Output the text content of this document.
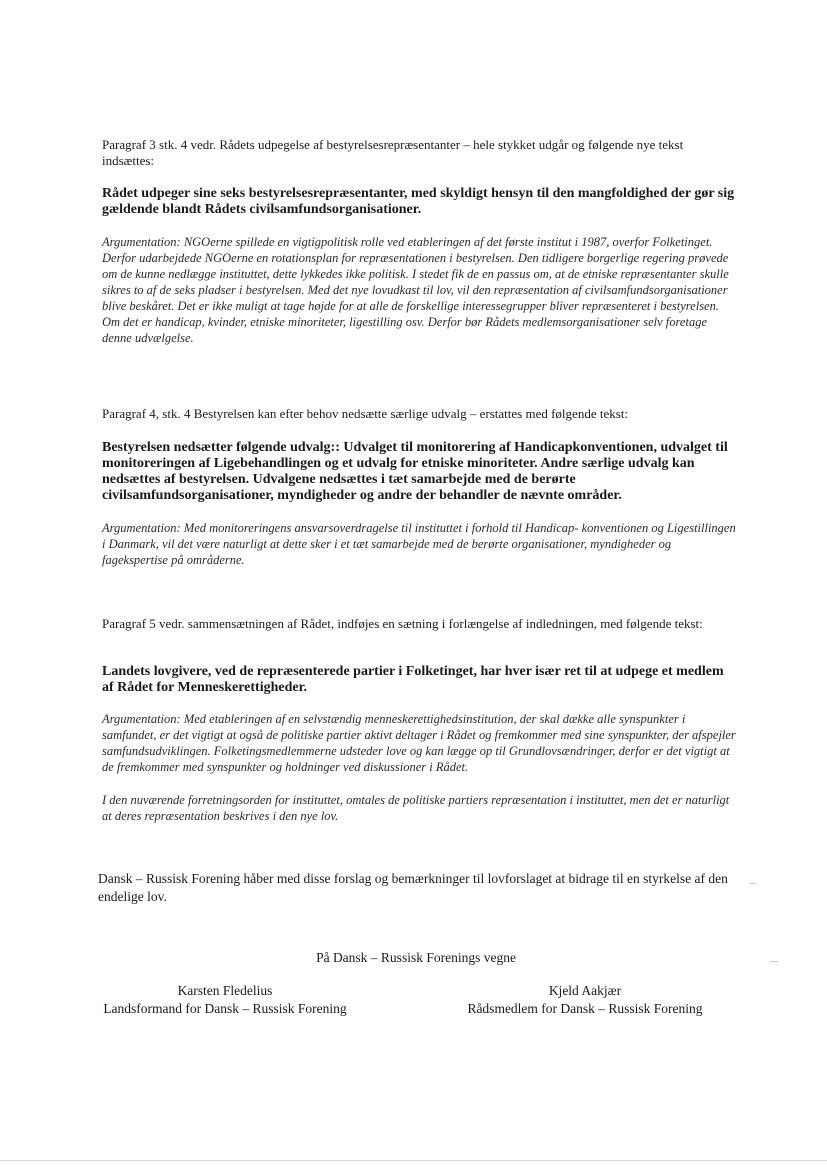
Paragraf 3 stk. 4 vedr. Rådets udpegelse af bestyrelsesrepræsentanter – hele stykket udgår og følgende nye tekst indsættes:

Rådet udpeger sine seks bestyrelsesrepræsentanter, med skyldigt hensyn til den mangfoldighed der gør sig gældende blandt Rådets civilsamfundsorganisationer.

Argumentation: NGOerne spillede en vigtigpolitisk rolle ved etableringen af det første institut i 1987, overfor Folketinget. Derfor udarbejdede NGOerne en rotationsplan for repræsentationen i bestyrelsen. Den tidligere borgerlige regering prøvede om de kunne nedlægge instituttet, dette lykkedes ikke politisk. I stedet fik de en passus om, at de etniske repræsentanter skulle sikres to af de seks pladser i bestyrelsen. Med det nye lovudkast til lov, vil den repræsentation af civilsamfundsorganisationer blive beskåret. Det er ikke muligt at tage højde for at alle de forskellige interessegrupper bliver repræsenteret i bestyrelsen. Om det er handicap, kvinder, etniske minoriteter, ligestilling osv. Derfor bør Rådets medlemsorganisationer selv foretage denne udvælgelse.

Paragraf 4, stk. 4 Bestyrelsen kan efter behov nedsætte særlige udvalg – erstattes med følgende tekst:

Bestyrelsen nedsætter følgende udvalg:: Udvalget til monitorering af Handicapkonventionen, udvalget til monitoreringen af Ligebehandlingen og et udvalg for etniske minoriteter. Andre særlige udvalg kan nedsættes af bestyrelsen. Udvalgene nedsættes i tæt samarbejde med de berørte civilsamfundsorganisationer, myndigheder og andre der behandler de nævnte områder.

Argumentation: Med monitoreringens ansvarsoverdragelse til instituttet i forhold til Handicap- konventionen og Ligestillingen i Danmark, vil det være naturligt at dette sker i et tæt samarbejde med de berørte organisationer, myndigheder og fagekspertise på områderne.

Paragraf 5 vedr. sammensætningen af Rådet, indføjes en sætning i forlængelse af indledningen, med følgende tekst:

Landets lovgivere, ved de repræsenterede partier i Folketinget, har hver især ret til at udpege et medlem af Rådet for Menneskerettigheder.

Argumentation: Med etableringen af en selvstændig menneskerettighedsinstitution, der skal dække alle synspunkter i samfundet, er det vigtigt at også de politiske partier aktivt deltager i Rådet og fremkommer med sine synspunkter, der afspejler samfundsudviklingen. Folketingsmedlemmerne udsteder love og kan lægge op til Grundlovsændringer, derfor er det vigtigt at de fremkommer med synspunkter og holdninger ved diskussioner i Rådet.

I den nuværende forretningsorden for instituttet, omtales de politiske partiers repræsentation i instituttet, men det er naturligt at deres repræsentation beskrives i den nye lov.

Dansk – Russisk Forening håber med disse forslag og bemærkninger til lovforslaget at bidrage til en styrkelse af den endelige lov.

På Dansk – Russisk Forenings vegne
Karsten Fledelius
Landsformand for Dansk – Russisk Forening
Kjeld Aakjær
Rådsmedlem for Dansk – Russisk Forening
